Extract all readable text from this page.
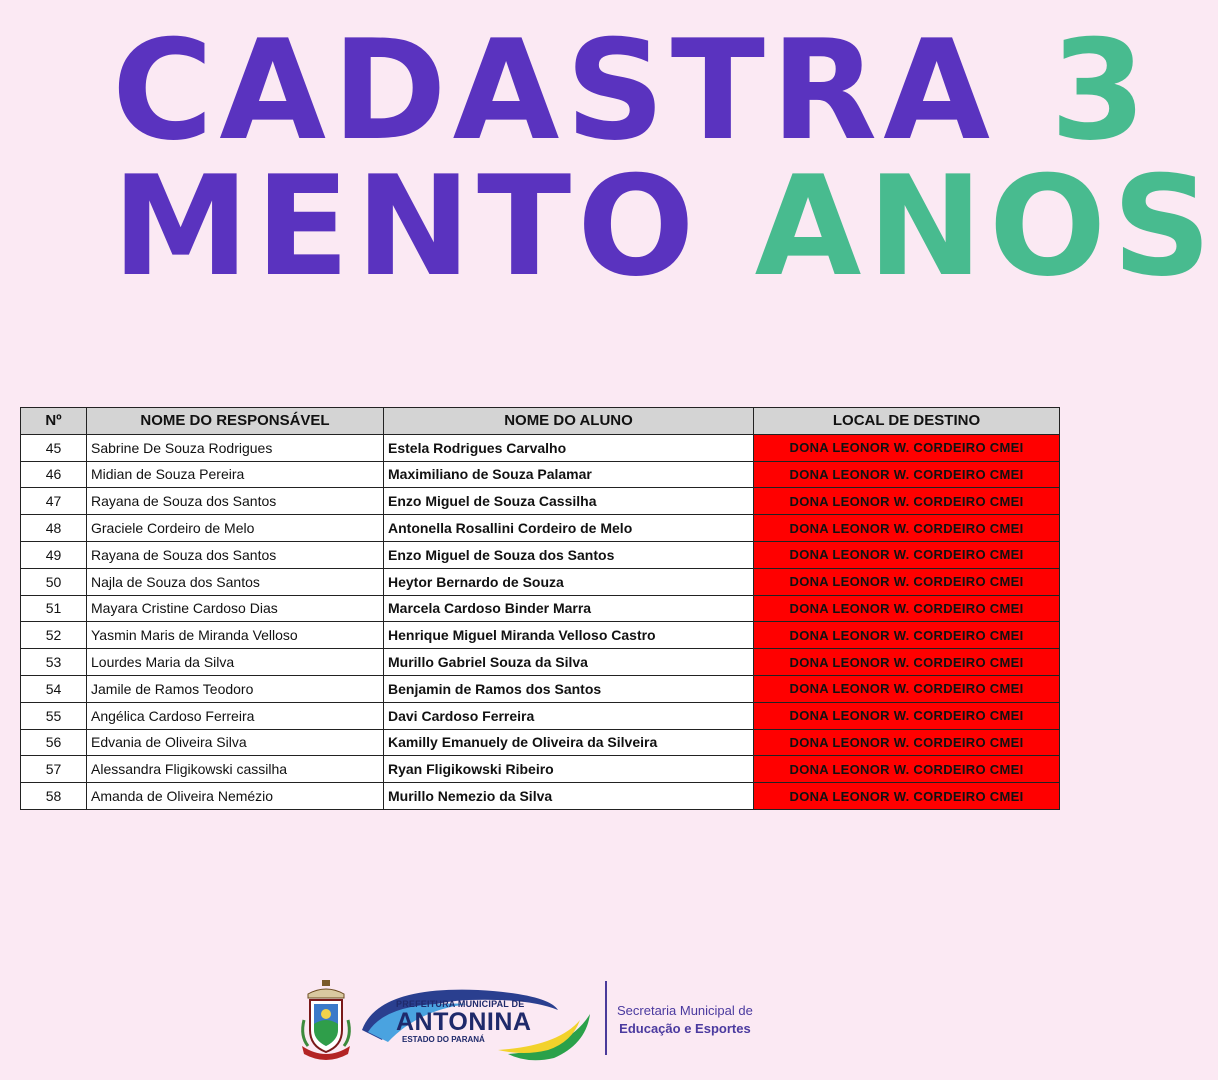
CADASTRA 3
MENTO ANOS
Nº	NOME DO RESPONSÁVEL	NOME DO ALUNO	LOCAL DE DESTINO
45	Sabrine De Souza Rodrigues	Estela Rodrigues Carvalho	DONA LEONOR W. CORDEIRO CMEI
46	Midian de Souza Pereira	Maximiliano de Souza Palamar	DONA LEONOR W. CORDEIRO CMEI
47	Rayana de Souza dos Santos	Enzo Miguel de Souza Cassilha	DONA LEONOR W. CORDEIRO CMEI
48	Graciele Cordeiro de Melo	Antonella Rosallini Cordeiro de Melo	DONA LEONOR W. CORDEIRO CMEI
49	Rayana de Souza dos Santos	Enzo Miguel de Souza dos Santos	DONA LEONOR W. CORDEIRO CMEI
50	Najla de Souza dos Santos	Heytor Bernardo de Souza	DONA LEONOR W. CORDEIRO CMEI
51	Mayara Cristine Cardoso Dias	Marcela Cardoso Binder Marra	DONA LEONOR W. CORDEIRO CMEI
52	Yasmin Maris de Miranda Velloso	Henrique Miguel Miranda Velloso Castro	DONA LEONOR W. CORDEIRO CMEI
53	Lourdes Maria da Silva	Murillo Gabriel Souza da Silva	DONA LEONOR W. CORDEIRO CMEI
54	Jamile de Ramos Teodoro	Benjamin de Ramos dos Santos	DONA LEONOR W. CORDEIRO CMEI
55	Angélica Cardoso Ferreira	Davi Cardoso Ferreira	DONA LEONOR W. CORDEIRO CMEI
56	Edvania de Oliveira Silva	Kamilly Emanuely de Oliveira da Silveira	DONA LEONOR W. CORDEIRO CMEI
57	Alessandra Fligikowski cassilha	Ryan Fligikowski Ribeiro	DONA LEONOR W. CORDEIRO CMEI
58	Amanda de Oliveira Nemézio	Murillo Nemezio da Silva	DONA LEONOR W. CORDEIRO CMEI
PREFEITURA MUNICIPAL DE
ANTONINA
ESTADO DO PARANÁ
Secretaria Municipal de
Educação e Esportes
